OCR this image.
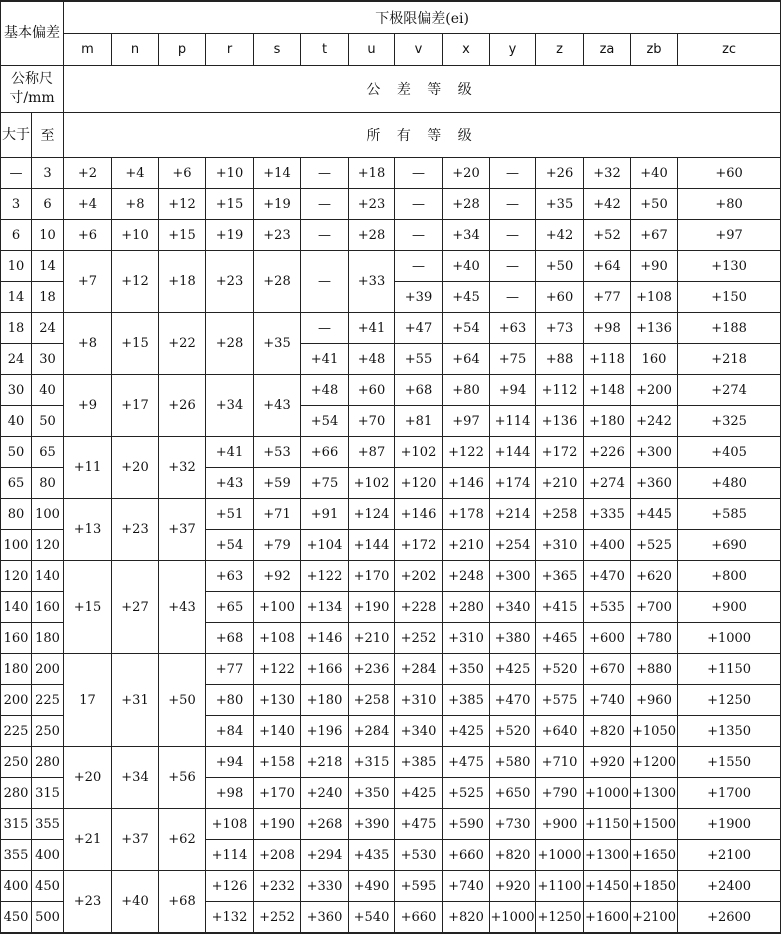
基本偏差		下极限偏差(ei)													
		m	n	p	r	s	t	u	v	x	y	z	za	zb	zc
公称尺寸/mm		公 差 等 级													
大于	至	所 有 等 级													
—	3	+2	+4	+6	+10	+14	—	+18	—	+20	—	+26	+32	+40	+60
3	6	+4	+8	+12	+15	+19	—	+23	—	+28	—	+35	+42	+50	+80
6	10	+6	+10	+15	+19	+23	—	+28	—	+34	—	+42	+52	+67	+97
10	14	+7	+12	+18	+23	+28	—	+33	—	+40	—	+50	+64	+90	+130
14	18								+39	+45	—	+60	+77	+108	+150
18	24	+8	+15	+22	+28	+35	—	+41	+47	+54	+63	+73	+98	+136	+188
24	30						+41	+48	+55	+64	+75	+88	+118	160	+218
30	40	+9	+17	+26	+34	+43	+48	+60	+68	+80	+94	+112	+148	+200	+274
40	50						+54	+70	+81	+97	+114	+136	+180	+242	+325
50	65	+11	+20	+32	+41	+53	+66	+87	+102	+122	+144	+172	+226	+300	+405
65	80				+43	+59	+75	+102	+120	+146	+174	+210	+274	+360	+480
80	100	+13	+23	+37	+51	+71	+91	+124	+146	+178	+214	+258	+335	+445	+585
100	120				+54	+79	+104	+144	+172	+210	+254	+310	+400	+525	+690
120	140	+15	+27	+43	+63	+92	+122	+170	+202	+248	+300	+365	+470	+620	+800
140	160				+65	+100	+134	+190	+228	+280	+340	+415	+535	+700	+900
160	180				+68	+108	+146	+210	+252	+310	+380	+465	+600	+780	+1000
180	200	17	+31	+50	+77	+122	+166	+236	+284	+350	+425	+520	+670	+880	+1150
200	225				+80	+130	+180	+258	+310	+385	+470	+575	+740	+960	+1250
225	250				+84	+140	+196	+284	+340	+425	+520	+640	+820	+1050	+1350
250	280	+20	+34	+56	+94	+158	+218	+315	+385	+475	+580	+710	+920	+1200	+1550
280	315				+98	+170	+240	+350	+425	+525	+650	+790	+1000	+1300	+1700
315	355	+21	+37	+62	+108	+190	+268	+390	+475	+590	+730	+900	+1150	+1500	+1900
355	400				+114	+208	+294	+435	+530	+660	+820	+1000	+1300	+1650	+2100
400	450	+23	+40	+68	+126	+232	+330	+490	+595	+740	+920	+1100	+1450	+1850	+2400
450	500				+132	+252	+360	+540	+660	+820	+1000	+1250	+1600	+2100	+2600
